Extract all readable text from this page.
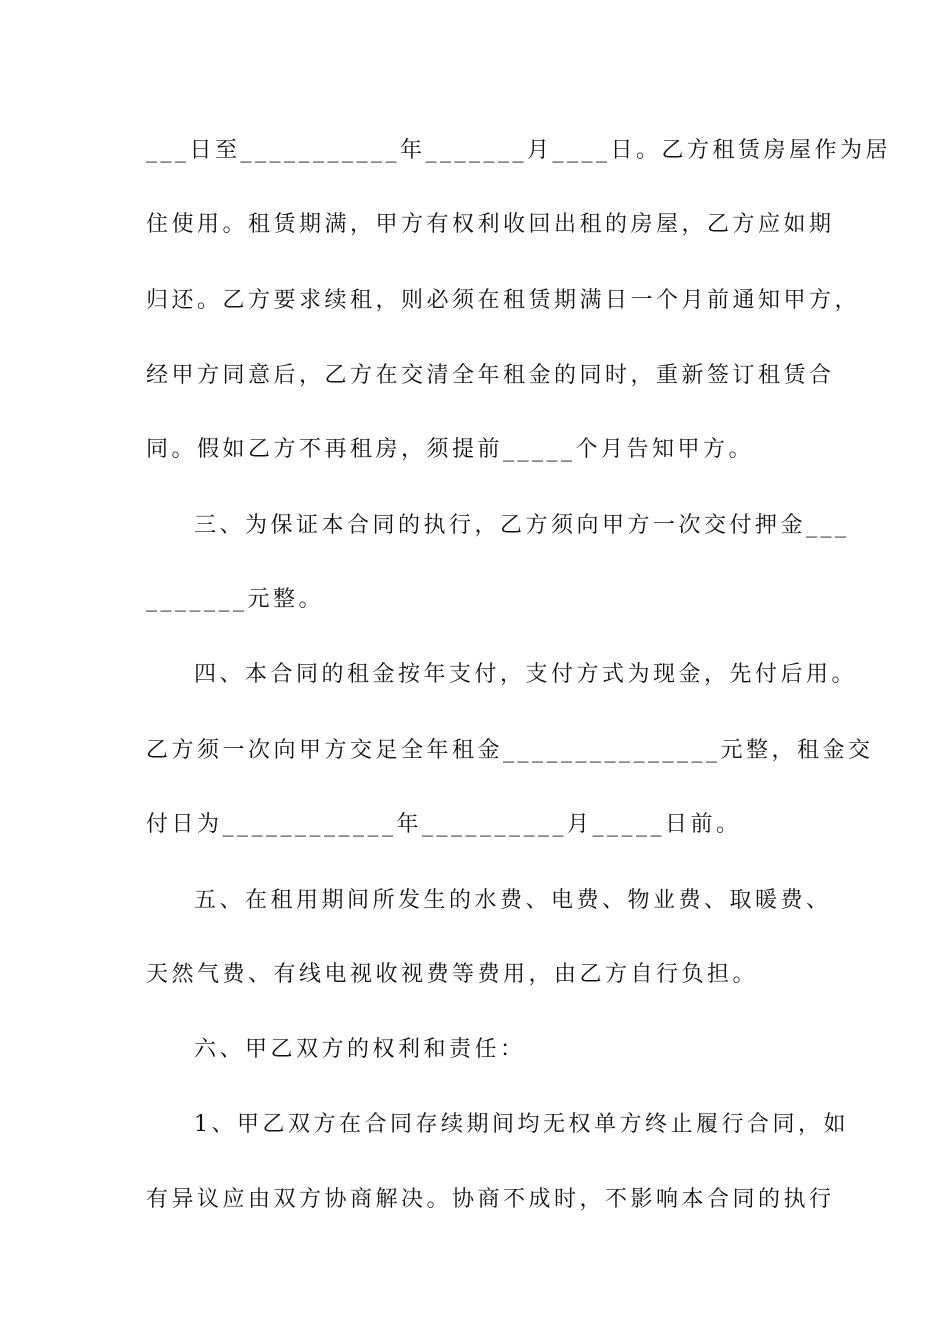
___日至___________年_______月____日。乙方租赁房屋作为居
住使用。租赁期满，甲方有权利收回出租的房屋，乙方应如期
归还。乙方要求续租，则必须在租赁期满日一个月前通知甲方，
经甲方同意后，乙方在交清全年租金的同时，重新签订租赁合
同。假如乙方不再租房，须提前_____个月告知甲方。
三、为保证本合同的执行，乙方须向甲方一次交付押金___
_______元整。
四、本合同的租金按年支付，支付方式为现金，先付后用。
乙方须一次向甲方交足全年租金_______________元整，租金交
付日为____________年__________月_____日前。
五、在租用期间所发生的水费、电费、物业费、取暖费、
天然气费、有线电视收视费等费用，由乙方自行负担。
六、甲乙双方的权利和责任：
1、甲乙双方在合同存续期间均无权单方终止履行合同，如
有异议应由双方协商解决。协商不成时，不影响本合同的执行
